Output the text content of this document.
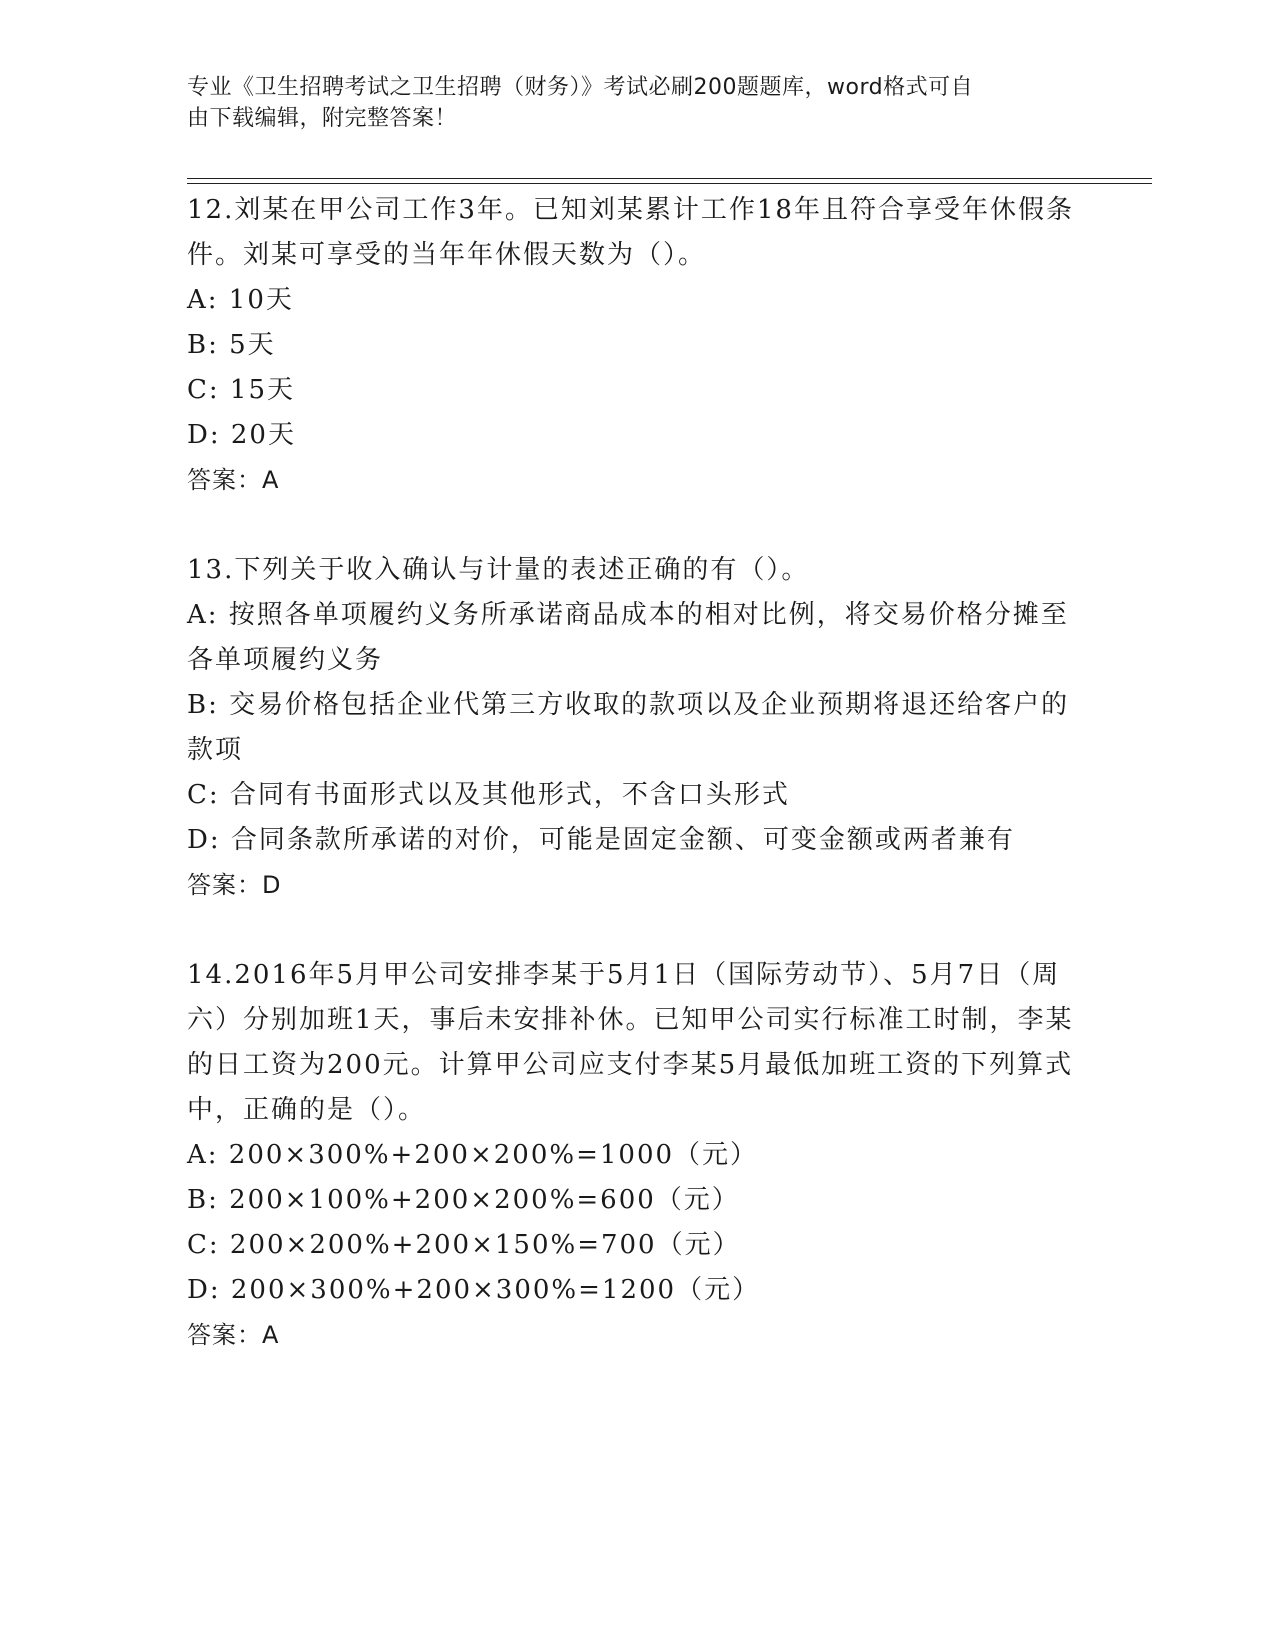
专业《卫生招聘考试之卫生招聘（财务）》考试必刷200题题库，word格式可自
由下载编辑，附完整答案！

12.刘某在甲公司工作3年。已知刘某累计工作18年且符合享受年休假条件。刘某可享受的当年年休假天数为（）。

A: 10天

B: 5天

C: 15天

D: 20天

答案：A

13.下列关于收入确认与计量的表述正确的有（）。

A: 按照各单项履约义务所承诺商品成本的相对比例，将交易价格分摊至各单项履约义务

B: 交易价格包括企业代第三方收取的款项以及企业预期将退还给客户的款项

C: 合同有书面形式以及其他形式，不含口头形式

D: 合同条款所承诺的对价，可能是固定金额、可变金额或两者兼有

答案：D

14.2016年5月甲公司安排李某于5月1日（国际劳动节）、5月7日（周六）分别加班1天，事后未安排补休。已知甲公司实行标准工时制，李某的日工资为200元。计算甲公司应支付李某5月最低加班工资的下列算式中，正确的是（）。

A: 200×300%+200×200%=1000（元）

B: 200×100%+200×200%=600（元）

C: 200×200%+200×150%=700（元）

D: 200×300%+200×300%=1200（元）

答案：A
